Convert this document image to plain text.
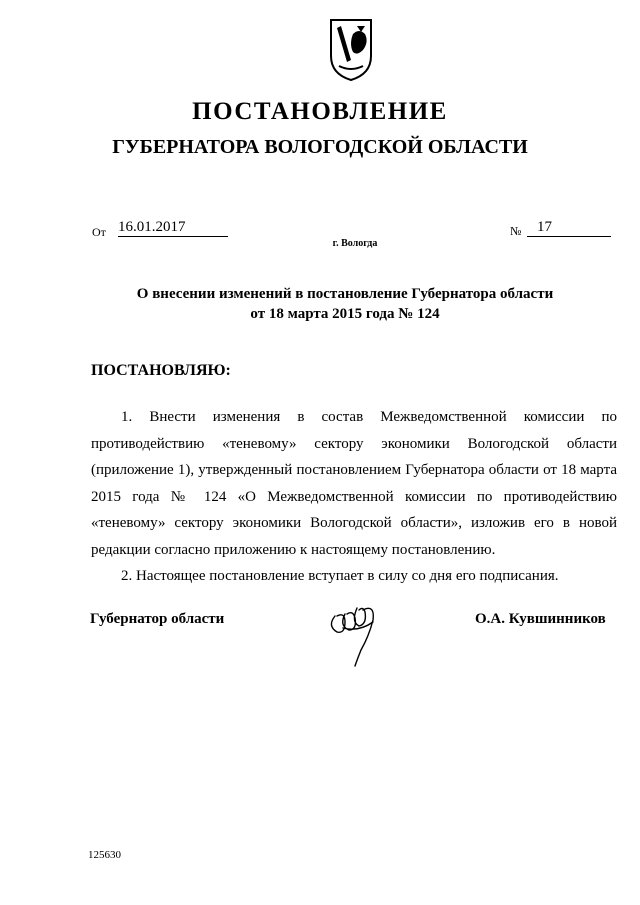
ПОСТАНОВЛЕНИЕ
ГУБЕРНАТОРА ВОЛОГОДСКОЙ ОБЛАСТИ
От 16.01.2017	№	17
г. Вологда
О внесении изменений в постановление Губернатора области
от 18 марта 2015 года № 124
ПОСТАНОВЛЯЮ:

1. Внести изменения в состав Межведомственной комиссии по противодействию «теневому» сектору экономики Вологодской области (приложение 1), утвержденный постановлением Губернатора области от 18 марта 2015 года № 124 «О Межведомственной комиссии по противодействию «теневому» сектору экономики Вологодской области», изложив его в новой редакции согласно приложению к настоящему постановлению.

2. Настоящее постановление вступает в силу со дня его подписания.

Губернатор области	О.А. Кувшинников
125630
